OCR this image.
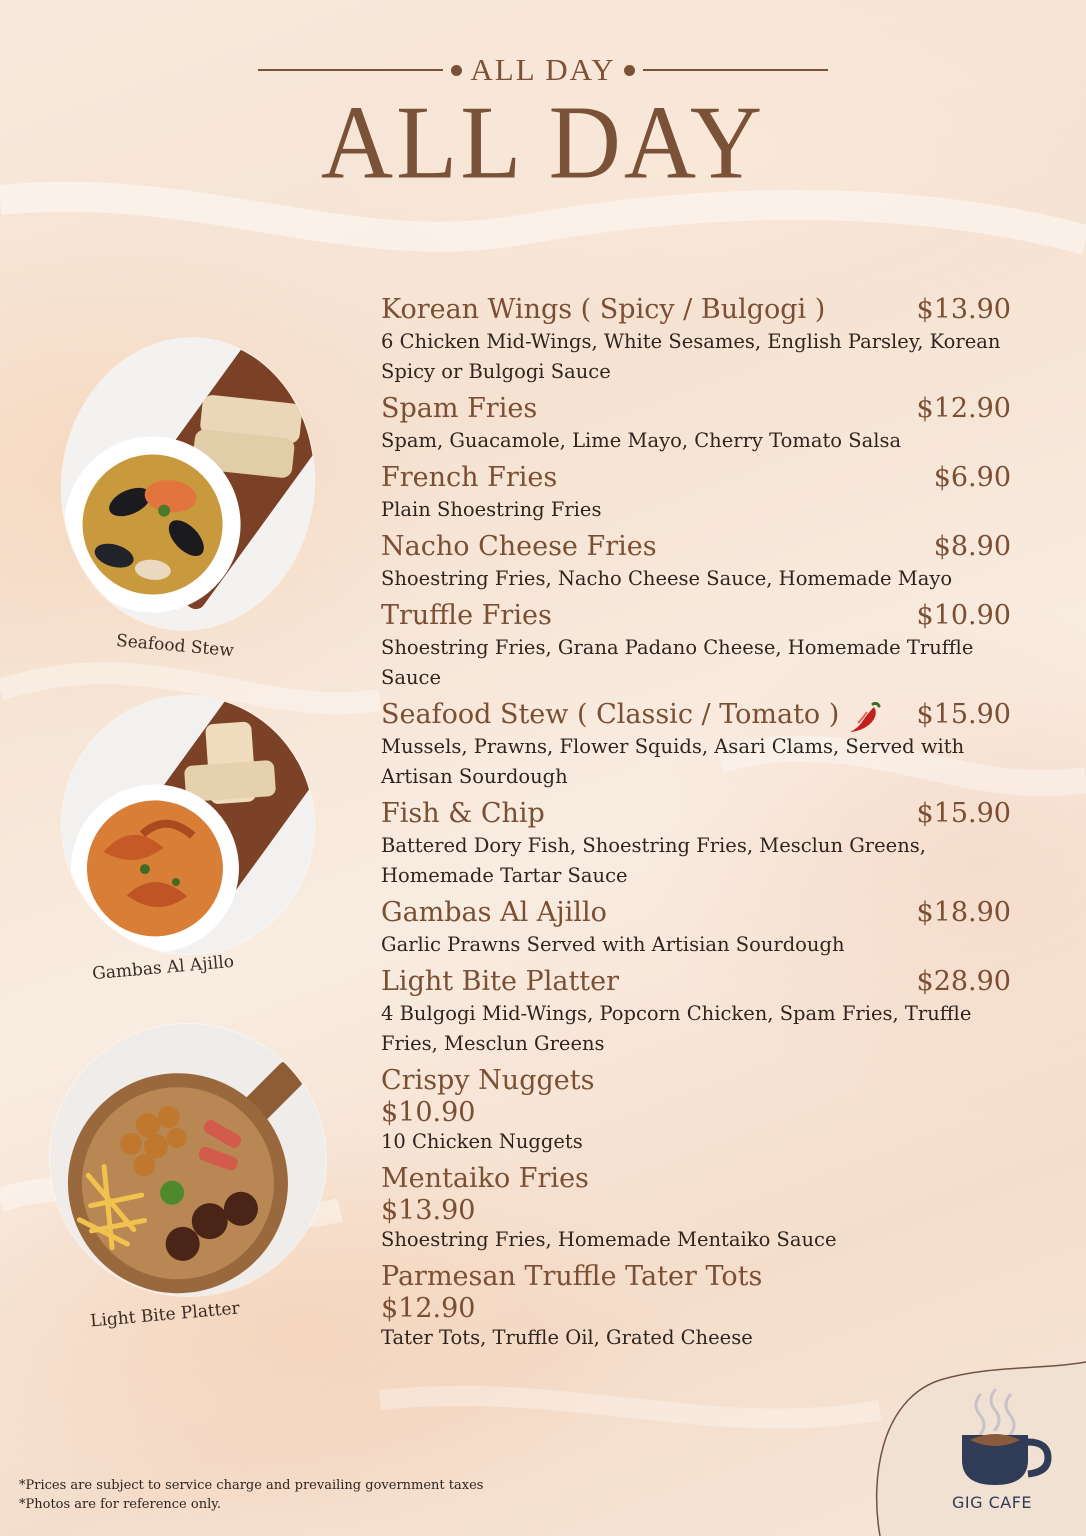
ALL DAY
ALL DAY
Seafood Stew
Gambas Al Ajillo
Light Bite Platter
Korean Wings ( Spicy / Bulgogi )	$13.90
6 Chicken Mid-Wings, White Sesames, English Parsley, Korean Spicy or Bulgogi Sauce
Spam Fries	$12.90
Spam, Guacamole, Lime Mayo, Cherry Tomato Salsa
French Fries	$6.90
Plain Shoestring Fries
Nacho Cheese Fries	$8.90
Shoestring Fries, Nacho Cheese Sauce, Homemade Mayo
Truffle Fries	$10.90
Shoestring Fries, Grana Padano Cheese, Homemade Truffle Sauce
Seafood Stew ( Classic / Tomato )	$15.90
Mussels, Prawns, Flower Squids, Asari Clams, Served with Artisan Sourdough
Fish & Chip	$15.90
Battered Dory Fish, Shoestring Fries, Mesclun Greens, Homemade Tartar Sauce
Gambas Al Ajillo	$18.90
Garlic Prawns Served with Artisian Sourdough
Light Bite Platter	$28.90
4 Bulgogi Mid-Wings, Popcorn Chicken, Spam Fries, Truffle Fries, Mesclun Greens
Crispy Nuggets
$10.90
10 Chicken Nuggets
Mentaiko Fries
$13.90
Shoestring Fries, Homemade Mentaiko Sauce
Parmesan Truffle Tater Tots
$12.90
Tater Tots, Truffle Oil, Grated Cheese
*Prices are subject to service charge and prevailing government taxes
*Photos are for reference only.	GIG CAFE
